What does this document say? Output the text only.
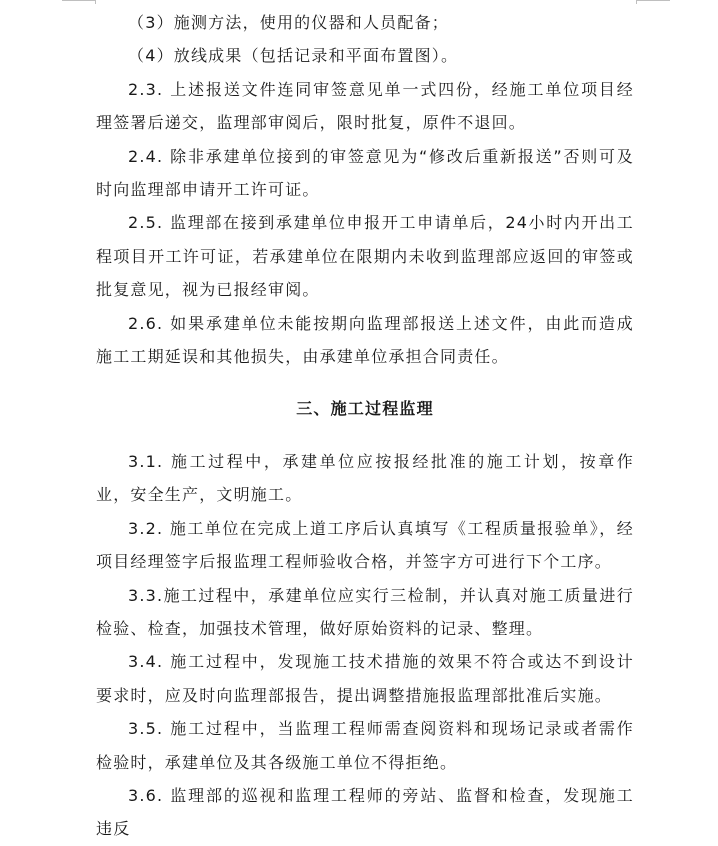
（3）施测方法，使用的仪器和人员配备；

（4）放线成果（包括记录和平面布置图）。

2.3. 上述报送文件连同审签意见单一式四份，经施工单位项目经理签署后递交，监理部审阅后，限时批复，原件不退回。

2.4. 除非承建单位接到的审签意见为“修改后重新报送”否则可及时向监理部申请开工许可证。

2.5. 监理部在接到承建单位申报开工申请单后，24小时内开出工程项目开工许可证，若承建单位在限期内未收到监理部应返回的审签或批复意见，视为已报经审阅。

2.6. 如果承建单位未能按期向监理部报送上述文件，由此而造成施工工期延误和其他损失，由承建单位承担合同责任。

三、施工过程监理

3.1. 施工过程中，承建单位应按报经批准的施工计划，按章作业，安全生产，文明施工。

3.2. 施工单位在完成上道工序后认真填写《工程质量报验单》，经项目经理签字后报监理工程师验收合格，并签字方可进行下个工序。

3.3.施工过程中，承建单位应实行三检制，并认真对施工质量进行检验、检查，加强技术管理，做好原始资料的记录、整理。

3.4. 施工过程中，发现施工技术措施的效果不符合或达不到设计要求时，应及时向监理部报告，提出调整措施报监理部批准后实施。

3.5. 施工过程中，当监理工程师需查阅资料和现场记录或者需作检验时，承建单位及其各级施工单位不得拒绝。

3.6. 监理部的巡视和监理工程师的旁站、监督和检查，发现施工违反
